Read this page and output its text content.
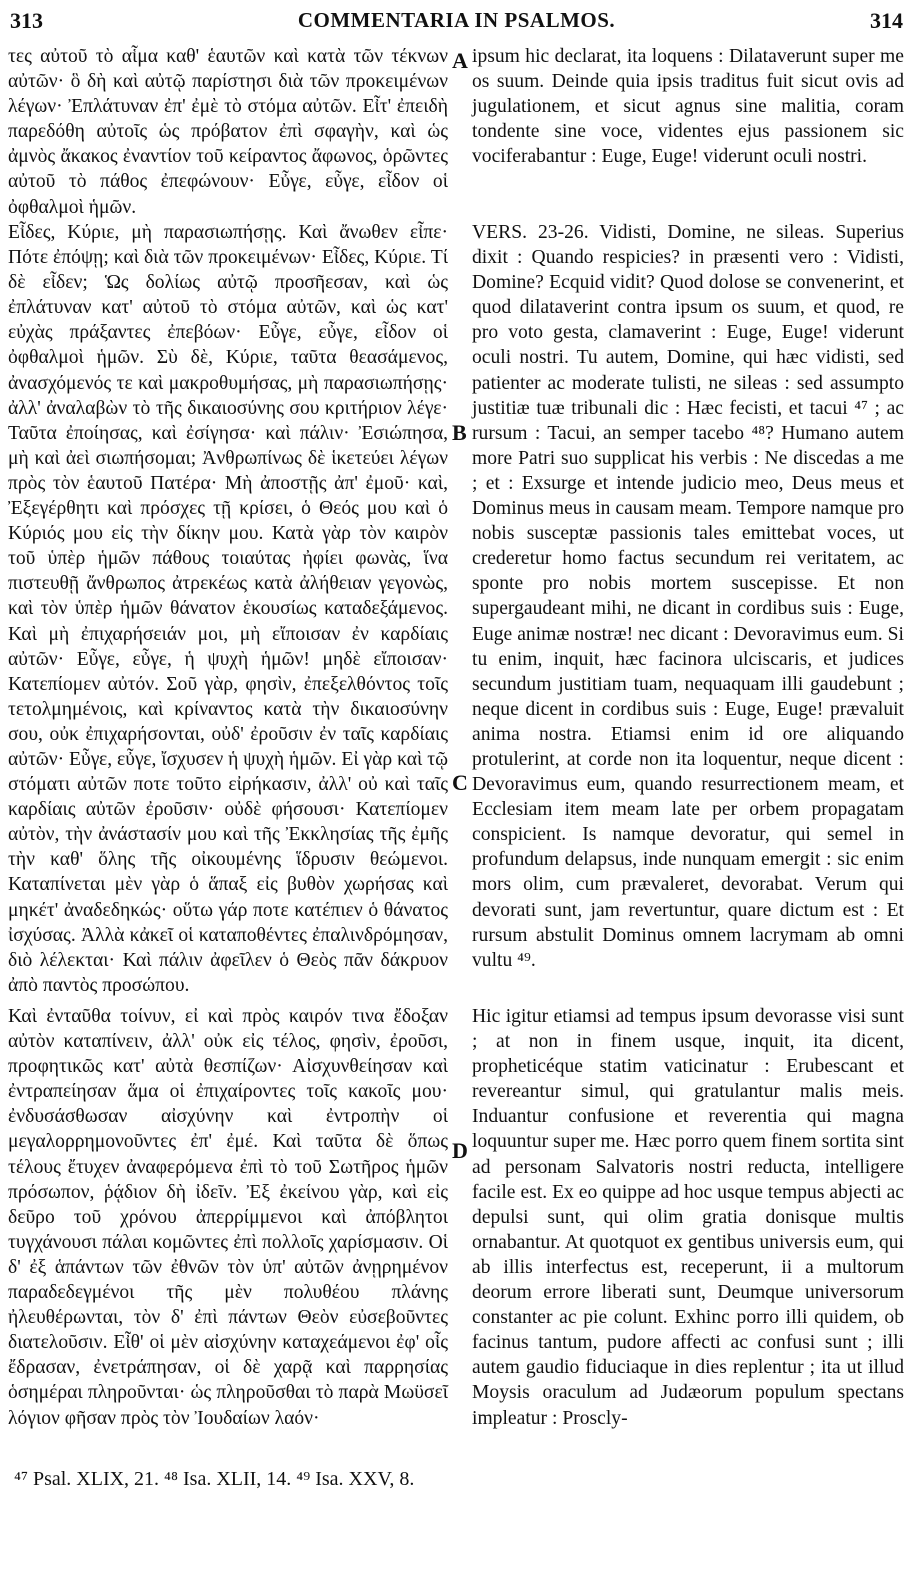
313	COMMENTARIA IN PSALMOS.	314

τες αὐτοῦ τὸ αἷμα καθ' ἑαυτῶν καὶ κατὰ τῶν τέκνων αὐτῶν· ὃ δὴ καὶ αὐτῷ παρίστησι διὰ τῶν προκειμένων λέγων· Ἐπλάτυναν ἐπ' ἐμὲ τὸ στόμα αὐτῶν. Εἶτ' ἐπειδὴ παρεδόθη αὐτοῖς ὡς πρόβατον ἐπὶ σφαγὴν, καὶ ὡς ἀμνὸς ἄκακος ἐναντίον τοῦ κείραντος ἄφωνος, ὁρῶντες αὐτοῦ τὸ πάθος ἐπεφώνουν· Εὖγε, εὖγε, εἶδον οἱ ὀφθαλμοὶ ἡμῶν.

Εἶδες, Κύριε, μὴ παρασιωπήσῃς. Καὶ ἄνωθεν εἶπε· Πότε ἐπόψῃ; καὶ διὰ τῶν προκειμένων· Εἶδες, Κύριε. Τί δὲ εἶδεν; Ὡς δολίως αὐτῷ προσῆεσαν, καὶ ὡς ἐπλάτυναν κατ' αὐτοῦ τὸ στόμα αὐτῶν, καὶ ὡς κατ' εὐχὰς πράξαντες ἐπεβόων· Εὖγε, εὖγε, εἶδον οἱ ὀφθαλμοὶ ἡμῶν. Σὺ δὲ, Κύριε, ταῦτα θεασάμενος, ἀνασχόμενός τε καὶ μακροθυμήσας, μὴ παρασιωπήσῃς· ἀλλ' ἀναλαβὼν τὸ τῆς δικαιοσύνης σου κριτήριον λέγε· Ταῦτα ἐποίησας, καὶ ἐσίγησα· καὶ πάλιν· Ἐσιώπησα, μὴ καὶ ἀεὶ σιωπήσομαι; Ἀνθρωπίνως δὲ ἱκετεύει λέγων πρὸς τὸν ἑαυτοῦ Πατέρα· Μὴ ἀποστῇς ἀπ' ἐμοῦ· καὶ, Ἐξεγέρθητι καὶ πρόσχες τῇ κρίσει, ὁ Θεός μου καὶ ὁ Κύριός μου εἰς τὴν δίκην μου. Κατὰ γὰρ τὸν καιρὸν τοῦ ὑπὲρ ἡμῶν πάθους τοιαύτας ἠφίει φωνὰς, ἵνα πιστευθῇ ἄνθρωπος ἀτρεκέως κατὰ ἀλήθειαν γεγονὼς, καὶ τὸν ὑπὲρ ἡμῶν θάνατον ἑκουσίως καταδεξάμενος. Καὶ μὴ ἐπιχαρήσειάν μοι, μὴ εἴποισαν ἐν καρδίαις αὐτῶν· Εὖγε, εὖγε, ἡ ψυχὴ ἡμῶν! μηδὲ εἴποισαν· Κατεπίομεν αὐτόν. Σοῦ γὰρ, φησὶν, ἐπεξελθόντος τοῖς τετολμημένοις, καὶ κρίναντος κατὰ τὴν δικαιοσύνην σου, οὐκ ἐπιχαρήσονται, οὐδ' ἐροῦσιν ἐν ταῖς καρδίαις αὐτῶν· Εὖγε, εὖγε, ἴσχυσεν ἡ ψυχὴ ἡμῶν. Εἰ γὰρ καὶ τῷ στόματι αὐτῶν ποτε τοῦτο εἰρήκασιν, ἀλλ' οὐ καὶ ταῖς καρδίαις αὐτῶν ἐροῦσιν· οὐδὲ φήσουσι· Κατεπίομεν αὐτὸν, τὴν ἀνάστασίν μου καὶ τῆς Ἐκκλησίας τῆς ἐμῆς τὴν καθ' ὅλης τῆς οἰκουμένης ἵδρυσιν θεώμενοι. Καταπίνεται μὲν γὰρ ὁ ἅπαξ εἰς βυθὸν χωρήσας καὶ μηκέτ' ἀναδεδηκώς· οὕτω γάρ ποτε κατέπιεν ὁ θάνατος ἰσχύσας. Ἀλλὰ κἀκεῖ οἱ καταποθέντες ἐπαλινδρόμησαν, διὸ λέλεκται· Καὶ πάλιν ἀφεῖλεν ὁ Θεὸς πᾶν δάκρυον ἀπὸ παντὸς προσώπου.

Καὶ ἐνταῦθα τοίνυν, εἰ καὶ πρὸς καιρόν τινα ἔδοξαν αὐτὸν καταπίνειν, ἀλλ' οὐκ εἰς τέλος, φησὶν, ἐροῦσι, προφητικῶς κατ' αὐτὰ θεσπίζων· Αἰσχυνθείησαν καὶ ἐντραπείησαν ἅμα οἱ ἐπιχαίροντες τοῖς κακοῖς μου· ἐνδυσάσθωσαν αἰσχύνην καὶ ἐντροπὴν οἱ μεγαλορρημονοῦντες ἐπ' ἐμέ. Καὶ ταῦτα δὲ ὅπως τέλους ἔτυχεν ἀναφερόμενα ἐπὶ τὸ τοῦ Σωτῆρος ἡμῶν πρόσωπον, ῥᾴδιον δὴ ἰδεῖν. Ἐξ ἐκείνου γὰρ, καὶ εἰς δεῦρο τοῦ χρόνου ἀπερρίμμενοι καὶ ἀπόβλητοι τυγχάνουσι πάλαι κομῶντες ἐπὶ πολλοῖς χαρίσμασιν. Οἱ δ' ἐξ ἁπάντων τῶν ἐθνῶν τὸν ὑπ' αὐτῶν ἀνῃρημένον παραδεδεγμένοι τῆς μὲν πολυθέου πλάνης ἠλευθέρωνται, τὸν δ' ἐπὶ πάντων Θεὸν εὐσεβοῦντες διατελοῦσιν. Εἶθ' οἱ μὲν αἰσχύνην καταχεάμενοι ἐφ' οἷς ἔδρασαν, ἐνετράπησαν, οἱ δὲ χαρᾷ καὶ παρρησίας ὁσημέραι πληροῦνται· ὡς πληροῦσθαι τὸ παρὰ Μωϋσεῖ λόγιον φῆσαν πρὸς τὸν Ἰουδαίων λαόν·

A
B
C
D

ipsum hic declarat, ita loquens : Dilataverunt super me os suum. Deinde quia ipsis traditus fuit sicut ovis ad jugulationem, et sicut agnus sine malitia, coram tondente sine voce, videntes ejus passionem sic vociferabantur : Euge, Euge! viderunt oculi nostri.

VERS. 23-26. Vidisti, Domine, ne sileas. Superius dixit : Quando respicies? in præsenti vero : Vidisti, Domine? Ecquid vidit? Quod dolose se convenerint, et quod dilataverint contra ipsum os suum, et quod, re pro voto gesta, clamaverint : Euge, Euge! viderunt oculi nostri. Tu autem, Domine, qui hæc vidisti, sed patienter ac moderate tulisti, ne sileas : sed assumpto justitiæ tuæ tribunali dic : Hæc fecisti, et tacui ⁴⁷ ; ac rursum : Tacui, an semper tacebo ⁴⁸? Humano autem more Patri suo supplicat his verbis : Ne discedas a me ; et : Exsurge et intende judicio meo, Deus meus et Dominus meus in causam meam. Tempore namque pro nobis susceptæ passionis tales emittebat voces, ut crederetur homo factus secundum rei veritatem, ac sponte pro nobis mortem suscepisse. Et non supergaudeant mihi, ne dicant in cordibus suis : Euge, Euge animæ nostræ! nec dicant : Devoravimus eum. Si tu enim, inquit, hæc facinora ulciscaris, et judices secundum justitiam tuam, nequaquam illi gaudebunt ; neque dicent in cordibus suis : Euge, Euge! prævaluit anima nostra. Etiamsi enim id ore aliquando protulerint, at corde non ita loquentur, neque dicent : Devoravimus eum, quando resurrectionem meam, et Ecclesiam item meam late per orbem propagatam conspicient. Is namque devoratur, qui semel in profundum delapsus, inde nunquam emergit : sic enim mors olim, cum prævaleret, devorabat. Verum qui devorati sunt, jam revertuntur, quare dictum est : Et rursum abstulit Dominus omnem lacrymam ab omni vultu ⁴⁹.

Hic igitur etiamsi ad tempus ipsum devorasse visi sunt ; at non in finem usque, inquit, ita dicent, propheticéque statim vaticinatur : Erubescant et revereantur simul, qui gratulantur malis meis. Induantur confusione et reverentia qui magna loquuntur super me. Hæc porro quem finem sortita sint ad personam Salvatoris nostri reducta, intelligere facile est. Ex eo quippe ad hoc usque tempus abjecti ac depulsi sunt, qui olim gratia donisque multis ornabantur. At quotquot ex gentibus universis eum, qui ab illis interfectus est, receperunt, ii a multorum deorum errore liberati sunt, Deumque universorum constanter ac pie colunt. Exhinc porro illi quidem, ob facinus tantum, pudore affecti ac confusi sunt ; illi autem gaudio fiduciaque in dies replentur ; ita ut illud Moysis oraculum ad Judæorum populum spectans impleatur : Proscly-

⁴⁷ Psal. XLIX, 21. ⁴⁸ Isa. XLII, 14. ⁴⁹ Isa. XXV, 8.
